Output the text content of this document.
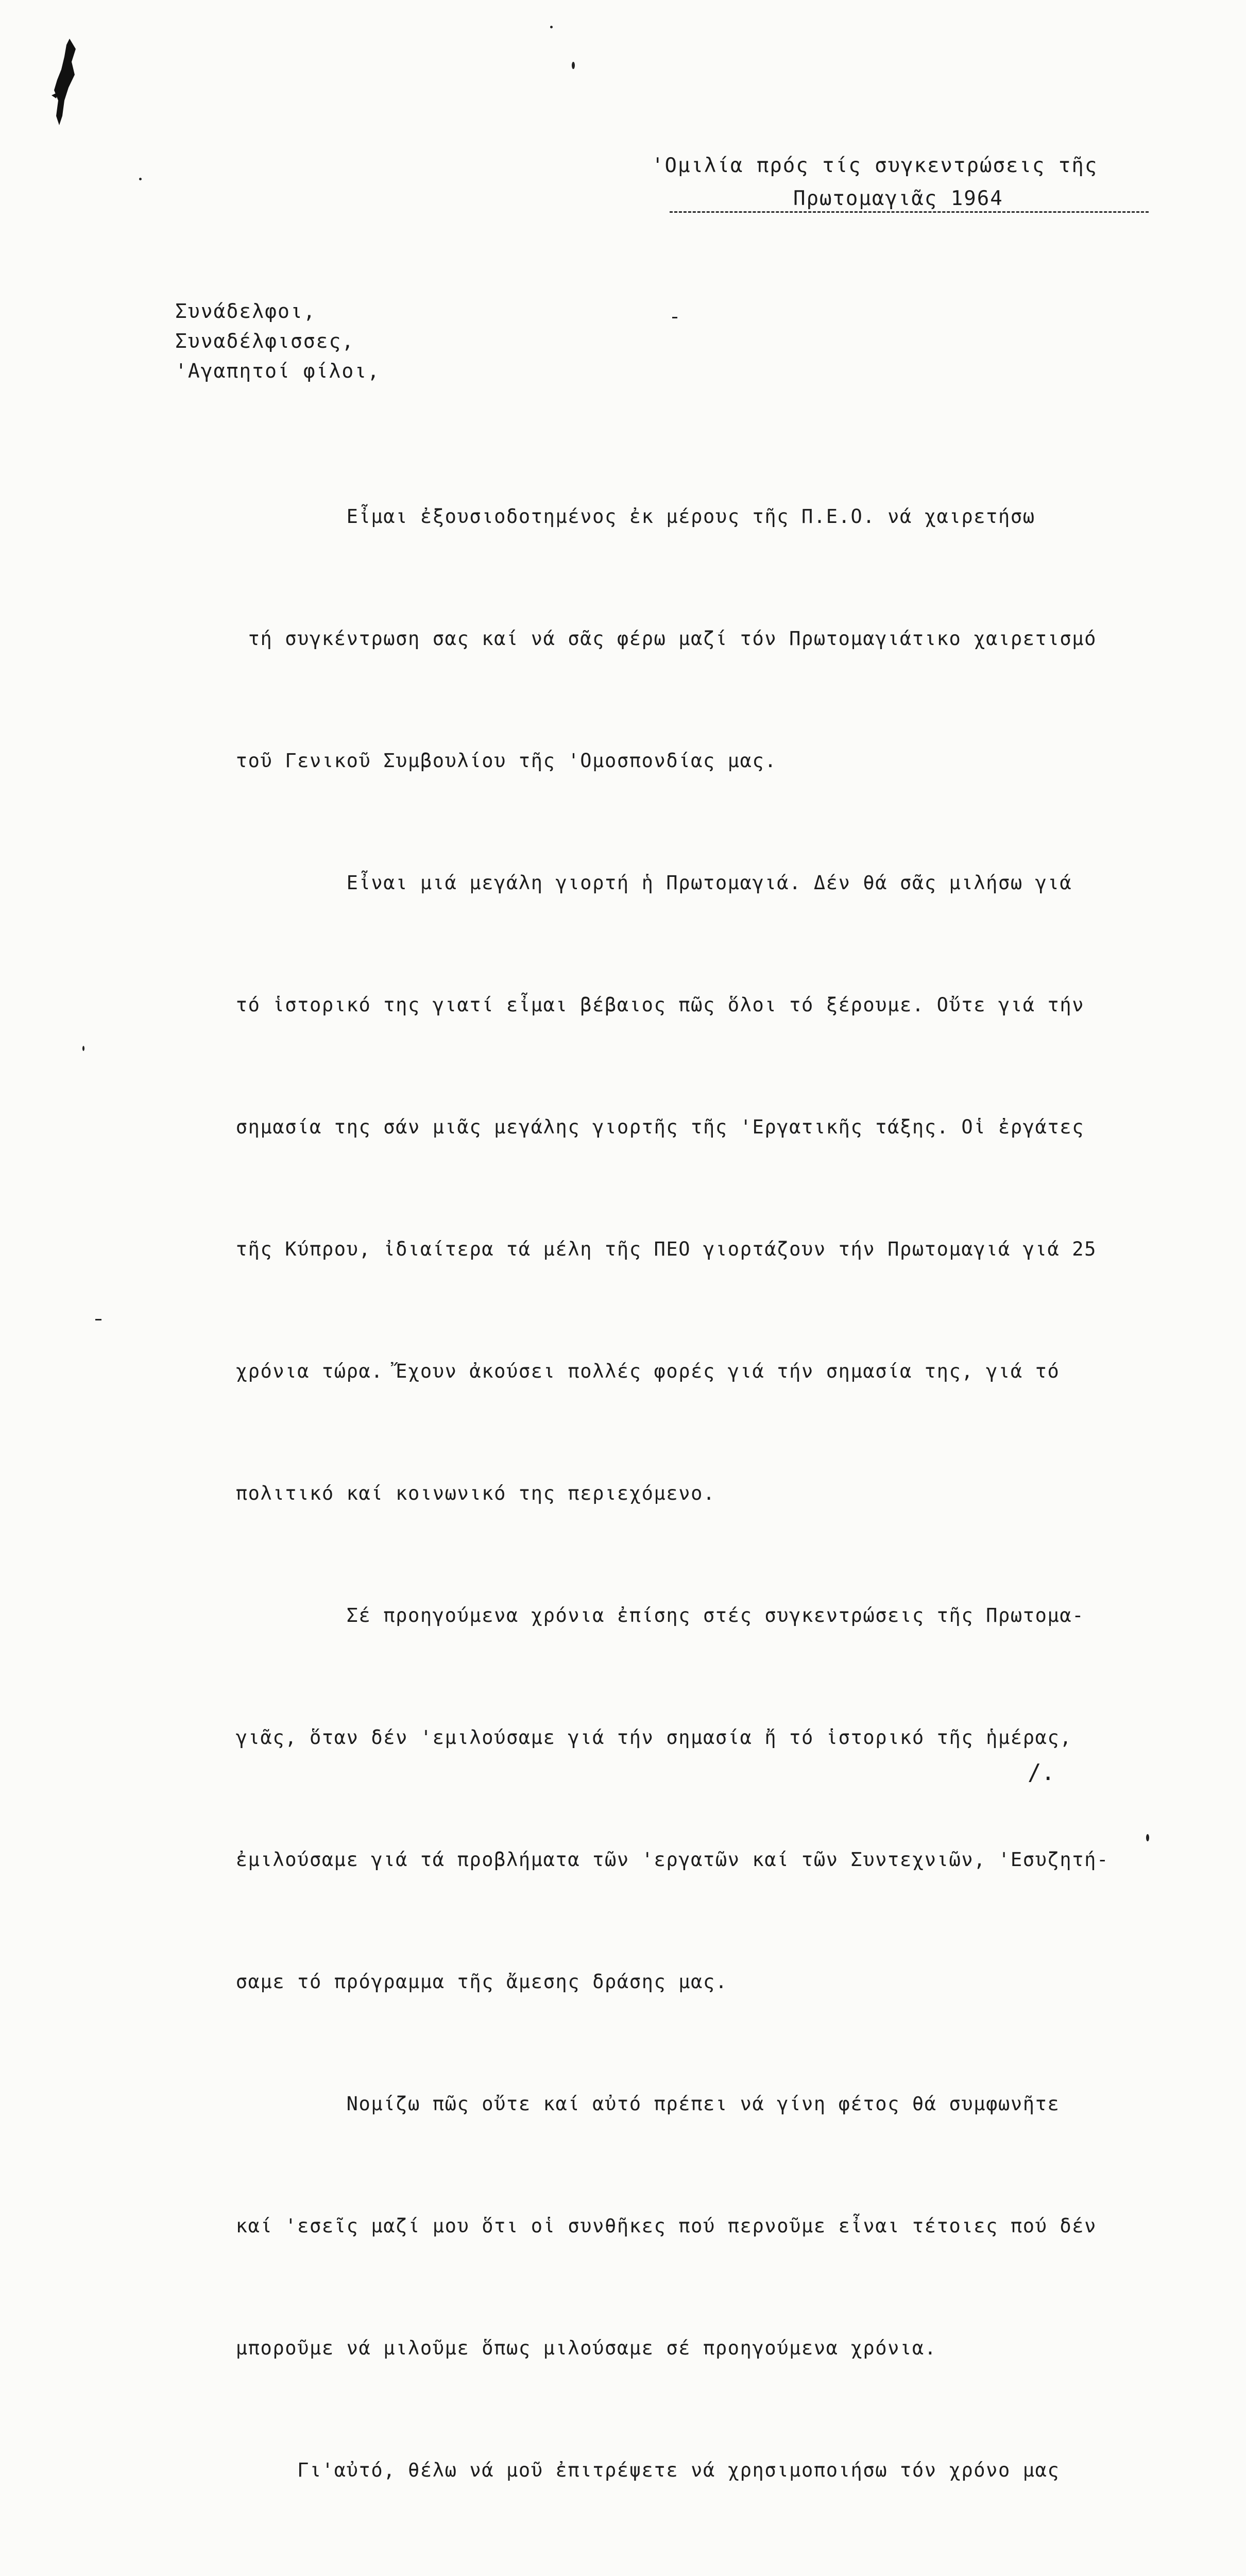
'Ομιλία πρός τίς συγκεντρώσεις τῆς
Πρωτομαγιᾶς 1964
Συνάδελφοι,
Συναδέλφισσες,
'Αγαπητοί φίλοι,

Εἶμαι ἐξουσιοδοτημένος ἐκ μέρους τῆς Π.Ε.Ο. νά χαιρετήσω

τή συγκέντρωση σας καί νά σᾶς φέρω μαζί τόν Πρωτομαγιάτικο χαιρετισμό

τοῦ Γενικοῦ Συμβουλίου τῆς 'Ομοσπονδίας μας.

Εἶναι μιά μεγάλη γιορτή ἡ Πρωτομαγιά. Δέν θά σᾶς μιλήσω γιά

τό ἱστορικό της γιατί εἶμαι βέβαιος πῶς ὅλοι τό ξέρουμε. Οὔτε γιά τήν

σημασία της σάν μιᾶς μεγάλης γιορτῆς τῆς 'Εργατικῆς τάξης. Οἱ ἐργάτες

τῆς Κύπρου, ἰδιαίτερα τά μέλη τῆς ΠΕΟ γιορτάζουν τήν Πρωτομαγιά γιά 25

χρόνια τώρα. Ἔχουν ἀκούσει πολλές φορές γιά τήν σημασία της, γιά τό

πολιτικό καί κοινωνικό της περιεχόμενο.

Σέ προηγούμενα χρόνια ἐπίσης στές συγκεντρώσεις τῆς Πρωτομα-

γιᾶς, ὅταν δέν 'εμιλούσαμε γιά τήν σημασία ἤ τό ἱστορικό τῆς ἡμέρας,

ἐμιλούσαμε γιά τά προβλήματα τῶν 'εργατῶν καί τῶν Συντεχνιῶν, 'Εσυζητή-

σαμε τό πρόγραμμα τῆς ἄμεσης δράσης μας.

Νομίζω πῶς οὔτε καί αὐτό πρέπει νά γίνη φέτος θά συμφωνῆτε

καί 'εσεῖς μαζί μου ὅτι οἱ συνθῆκες πού περνοῦμε εἶναι τέτοιες πού δέν

μποροῦμε νά μιλοῦμε ὅπως μιλούσαμε σέ προηγούμενα χρόνια.

Γι'αὐτό, θέλω νά μοῦ ἐπιτρέψετε νά χρησιμοποιήσω τόν χρόνο μας

/.
